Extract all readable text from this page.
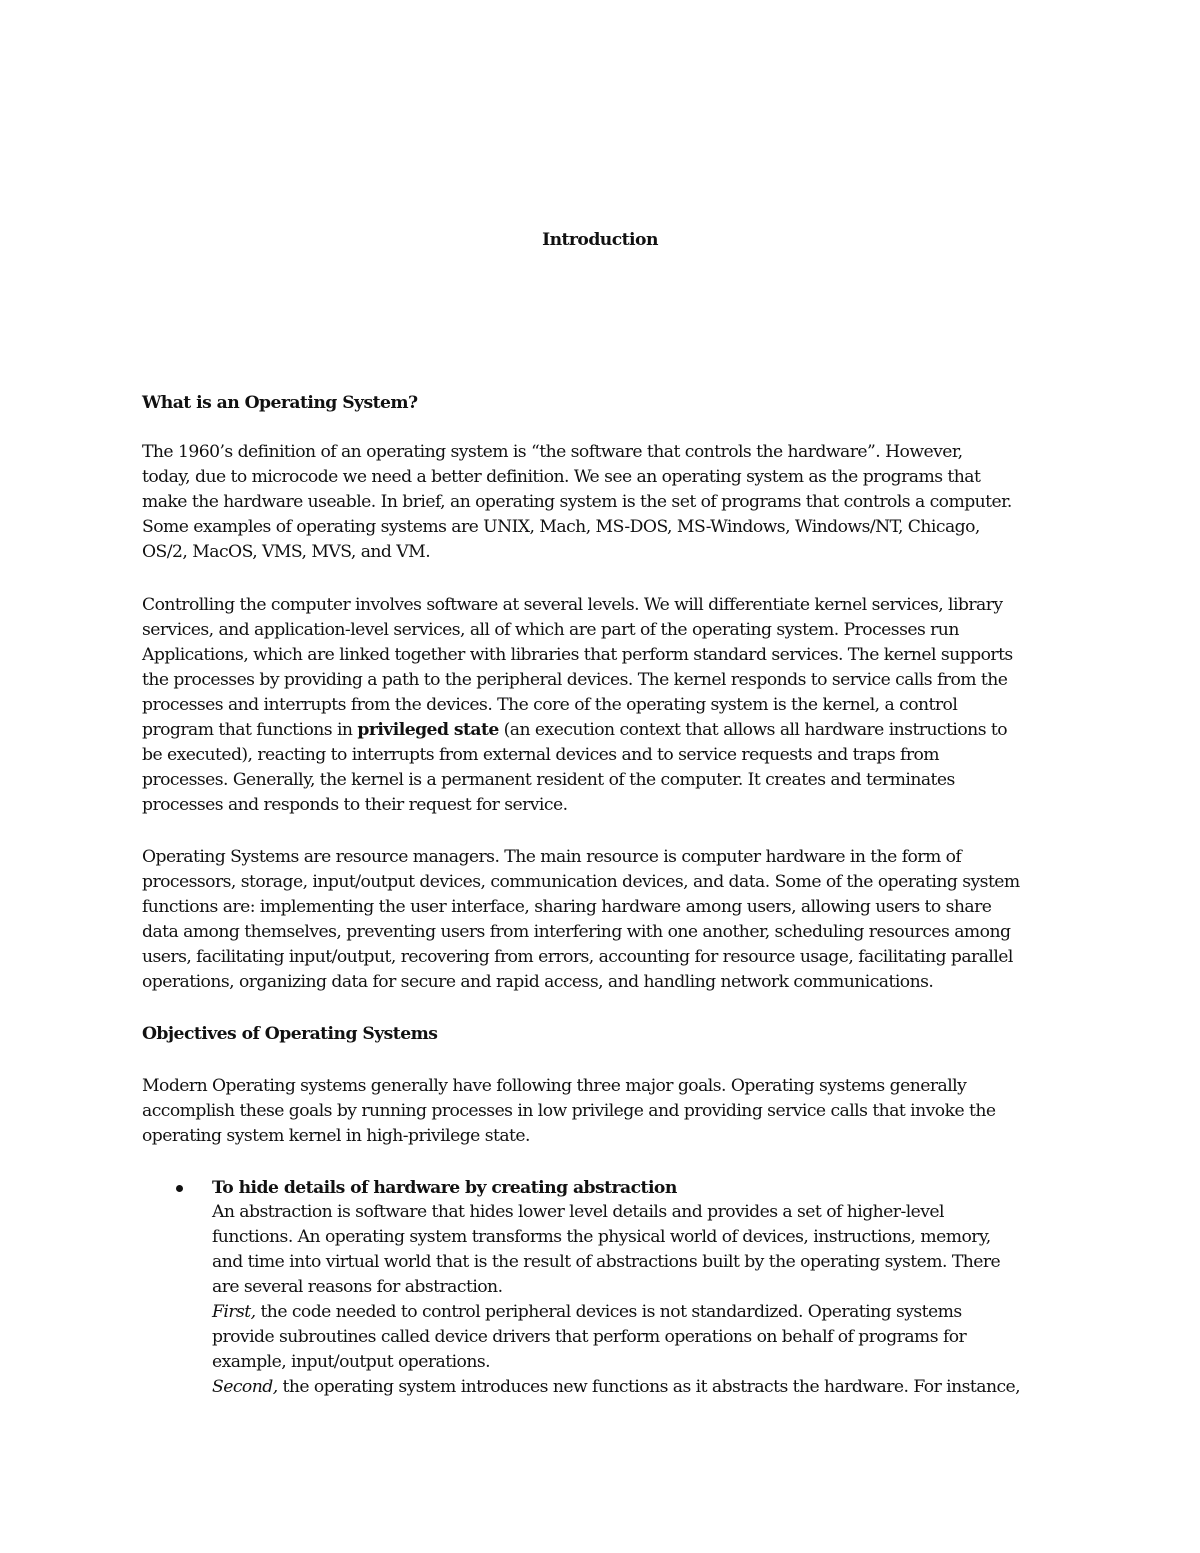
Introduction
What is an Operating System?
The 1960’s definition of an operating system is “the software that controls the hardware”. However,
today, due to microcode we need a better definition. We see an operating system as the programs that
make the hardware useable. In brief, an operating system is the set of programs that controls a computer.
Some examples of operating systems are UNIX, Mach, MS-DOS, MS-Windows, Windows/NT, Chicago,
OS/2, MacOS, VMS, MVS, and VM.
Controlling the computer involves software at several levels. We will differentiate kernel services, library
services, and application-level services, all of which are part of the operating system. Processes run
Applications, which are linked together with libraries that perform standard services. The kernel supports
the processes by providing a path to the peripheral devices. The kernel responds to service calls from the
processes and interrupts from the devices. The core of the operating system is the kernel, a control
program that functions in privileged state (an execution context that allows all hardware instructions to
be executed), reacting to interrupts from external devices and to service requests and traps from
processes. Generally, the kernel is a permanent resident of the computer. It creates and terminates
processes and responds to their request for service.
Operating Systems are resource managers. The main resource is computer hardware in the form of
processors, storage, input/output devices, communication devices, and data. Some of the operating system
functions are: implementing the user interface, sharing hardware among users, allowing users to share
data among themselves, preventing users from interfering with one another, scheduling resources among
users, facilitating input/output, recovering from errors, accounting for resource usage, facilitating parallel
operations, organizing data for secure and rapid access, and handling network communications.
Objectives of Operating Systems
Modern Operating systems generally have following three major goals. Operating systems generally
accomplish these goals by running processes in low privilege and providing service calls that invoke the
operating system kernel in high-privilege state.
To hide details of hardware by creating abstraction
An abstraction is software that hides lower level details and provides a set of higher-level
functions. An operating system transforms the physical world of devices, instructions, memory,
and time into virtual world that is the result of abstractions built by the operating system. There
are several reasons for abstraction.
First, the code needed to control peripheral devices is not standardized. Operating systems
provide subroutines called device drivers that perform operations on behalf of programs for
example, input/output operations.
Second, the operating system introduces new functions as it abstracts the hardware. For instance,
